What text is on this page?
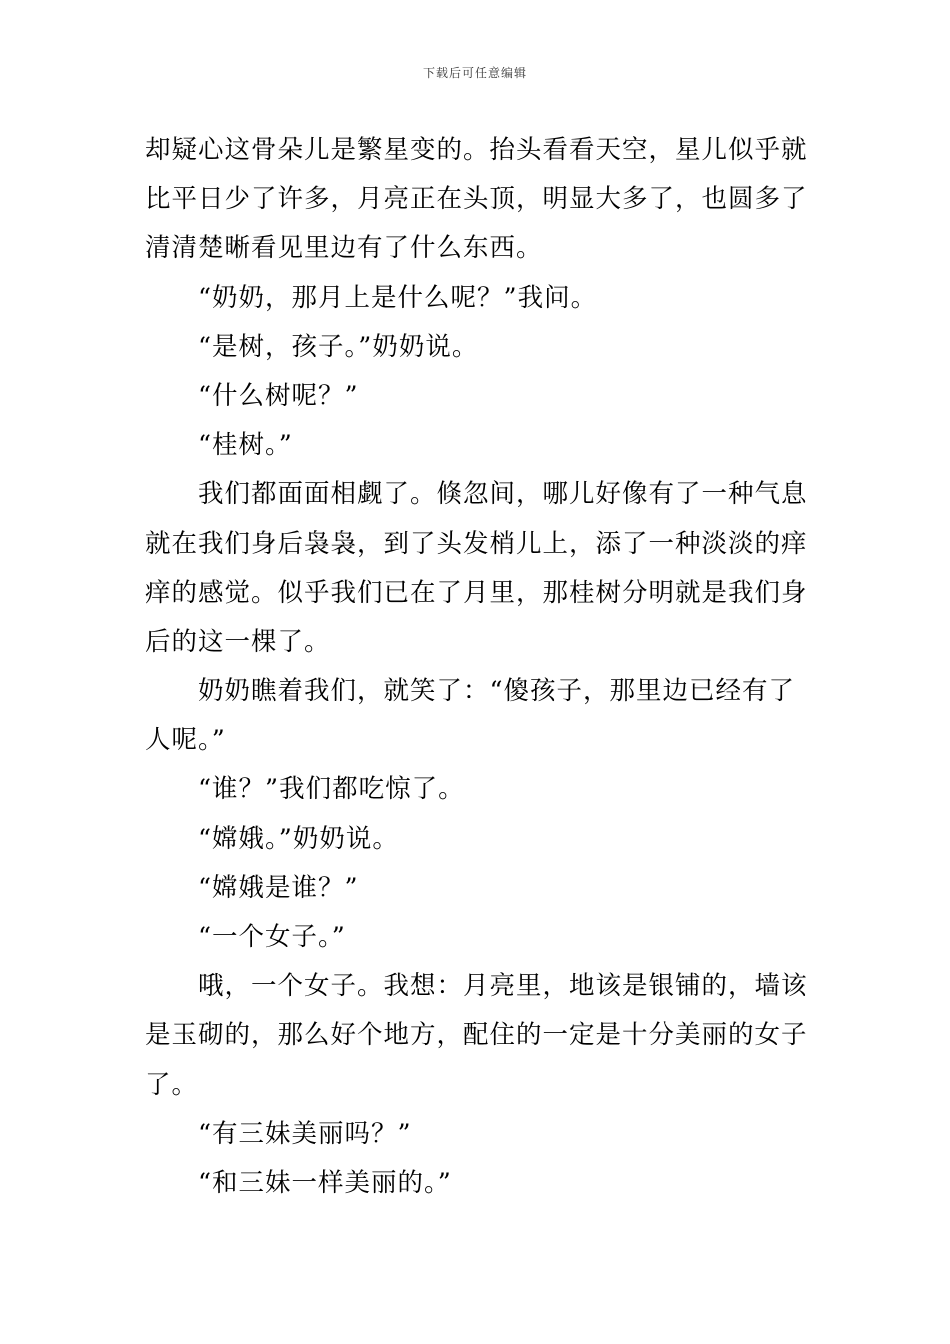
下载后可任意编辑
却疑心这骨朵儿是繁星变的。抬头看看天空，星儿似乎就
比平日少了许多，月亮正在头顶，明显大多了，也圆多了
清清楚晰看见里边有了什么东西。
“奶奶，那月上是什么呢？”我问。
“是树，孩子。”奶奶说。
“什么树呢？”
“桂树。”
我们都面面相觑了。倏忽间，哪儿好像有了一种气息
就在我们身后袅袅，到了头发梢儿上，添了一种淡淡的痒
痒的感觉。似乎我们已在了月里，那桂树分明就是我们身
后的这一棵了。
奶奶瞧着我们，就笑了：“傻孩子，那里边已经有了
人呢。”
“谁？”我们都吃惊了。
“嫦娥。”奶奶说。
“嫦娥是谁？”
“一个女子。”
哦，一个女子。我想：月亮里，地该是银铺的，墙该
是玉砌的，那么好个地方，配住的一定是十分美丽的女子
了。
“有三妹美丽吗？”
“和三妹一样美丽的。”
